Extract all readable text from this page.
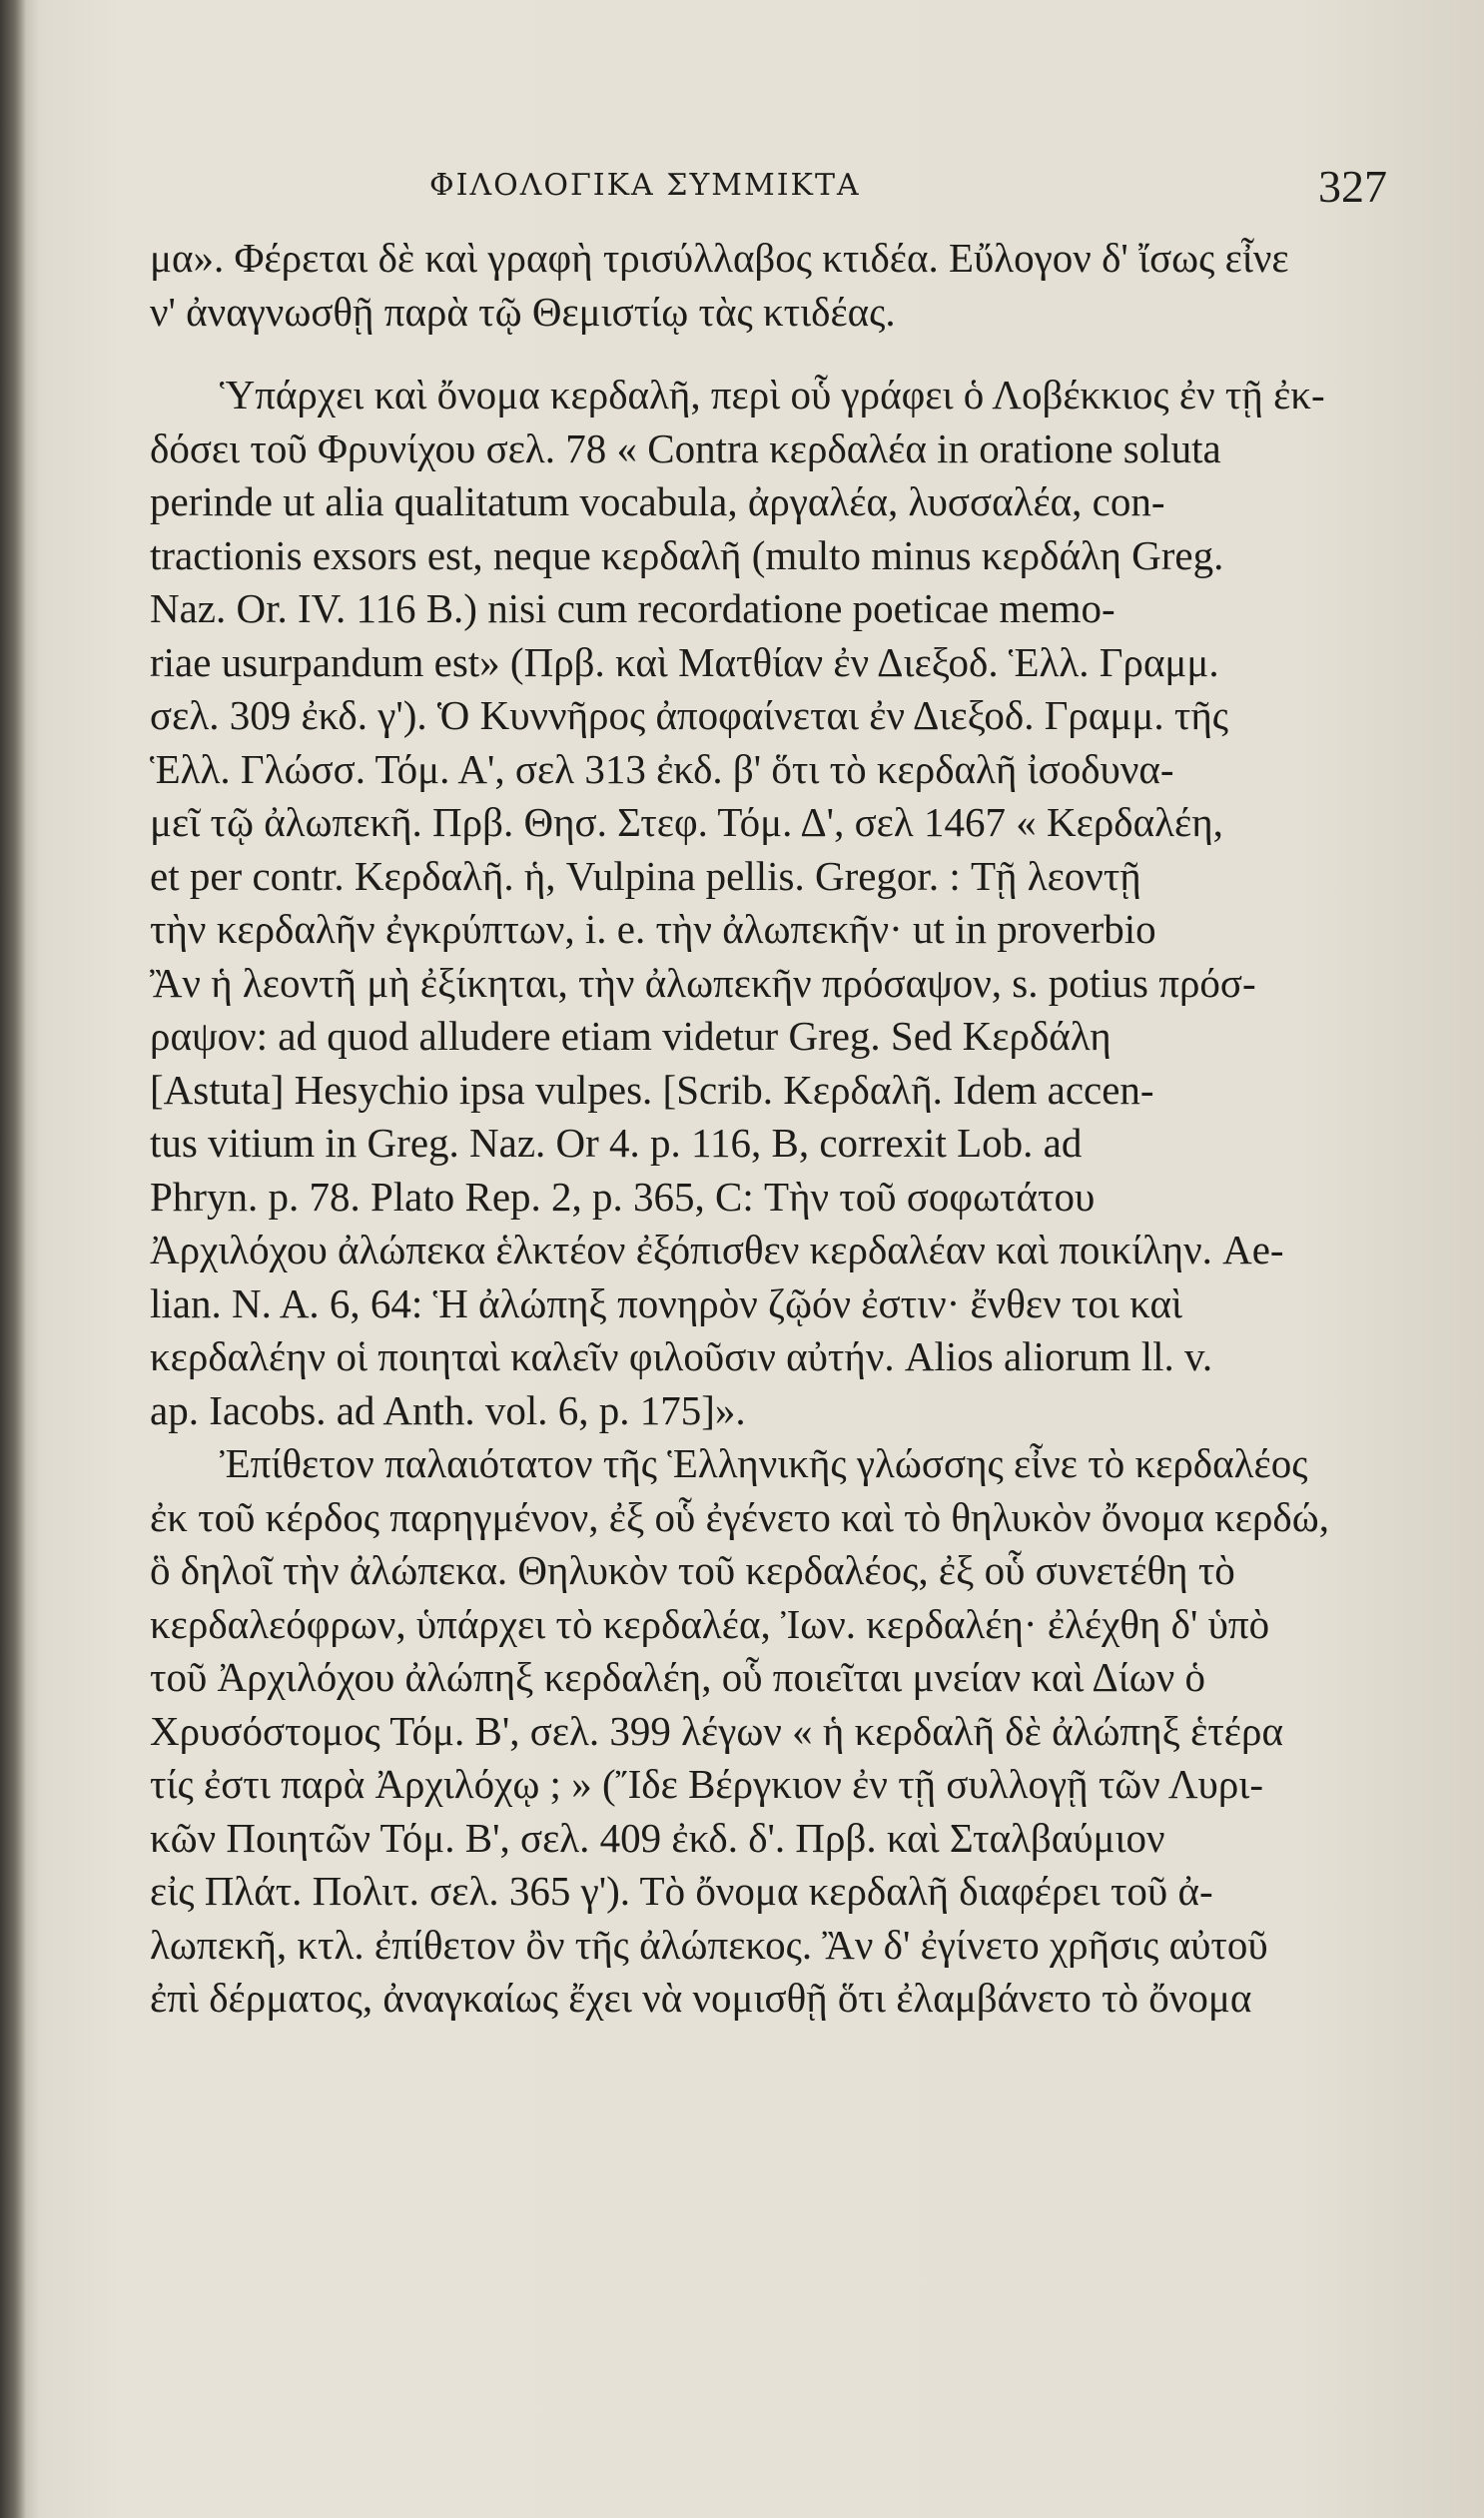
ΦΙΛΟΛΟΓΙΚΑ ΣΥΜΜΙΚΤΑ	327
μα». Φέρεται δὲ καὶ γραφὴ τρισύλλαβος κτιδέα. Εὔλογον δ' ἴσως εἶνε
ν' ἀναγνωσθῇ παρὰ τῷ Θεμιστίῳ τὰς κτιδέας.
Ὑπάρχει καὶ ὄνομα κερδαλῆ, περὶ οὗ γράφει ὁ Λοβέκκιος ἐν τῇ ἐκ-
δόσει τοῦ Φρυνίχου σελ. 78 « Contra κερδαλέα in oratione soluta
perinde ut alia qualitatum vocabula, ἀργαλέα, λυσσαλέα, con-
tractionis exsors est, neque κερδαλῆ (multo minus κερδάλη Greg.
Naz. Or. IV. 116 B.) nisi cum recordatione poeticae memo-
riae usurpandum est» (Πρβ. καὶ Ματθίαν ἐν Διεξοδ. Ἑλλ. Γραμμ.
σελ. 309 ἐκδ. γ'). Ὁ Κυννῆρος ἀποφαίνεται ἐν Διεξοδ. Γραμμ. τῆς
Ἑλλ. Γλώσσ. Τόμ. Α', σελ 313 ἐκδ. β' ὅτι τὸ κερδαλῆ ἰσοδυνα-
μεῖ τῷ ἀλωπεκῆ. Πρβ. Θησ. Στεφ. Τόμ. Δ', σελ 1467 « Κερδαλέη,
et per contr. Κερδαλῆ. ἡ, Vulpina pellis. Gregor. : Τῇ λεοντῇ
τὴν κερδαλῆν ἐγκρύπτων, i. e. τὴν ἀλωπεκῆν· ut in proverbio
Ἂν ἡ λεοντῆ μὴ ἐξίκηται, τὴν ἀλωπεκῆν πρόσαψον, s. potius πρόσ-
ραψον: ad quod alludere etiam videtur Greg. Sed Κερδάλη
[Astuta] Hesychio ipsa vulpes. [Scrib. Κερδαλῆ. Idem accen-
tus vitium in Greg. Naz. Or 4. p. 116, B, correxit Lob. ad
Phryn. p. 78. Plato Rep. 2, p. 365, C: Τὴν τοῦ σοφωτάτου
Ἀρχιλόχου ἀλώπεκα ἑλκτέον ἐξόπισθεν κερδαλέαν καὶ ποικίλην. Ae-
lian. N. A. 6, 64: Ἡ ἀλώπηξ πονηρὸν ζῷόν ἐστιν· ἔνθεν τοι καὶ
κερδαλέην οἱ ποιηταὶ καλεῖν φιλοῦσιν αὐτήν. Alios aliorum ll. v.
ap. Iacobs. ad Anth. vol. 6, p. 175]».
Ἐπίθετον παλαιότατον τῆς Ἑλληνικῆς γλώσσης εἶνε τὸ κερδαλέος
ἐκ τοῦ κέρδος παρηγμένον, ἐξ οὗ ἐγένετο καὶ τὸ θηλυκὸν ὄνομα κερδώ,
ὃ δηλοῖ τὴν ἀλώπεκα. Θηλυκὸν τοῦ κερδαλέος, ἐξ οὗ συνετέθη τὸ
κερδαλεόφρων, ὑπάρχει τὸ κερδαλέα, Ἰων. κερδαλέη· ἐλέχθη δ' ὑπὸ
τοῦ Ἀρχιλόχου ἀλώπηξ κερδαλέη, οὗ ποιεῖται μνείαν καὶ Δίων ὁ
Χρυσόστομος Τόμ. Β', σελ. 399 λέγων « ἡ κερδαλῆ δὲ ἀλώπηξ ἑτέρα
τίς ἐστι παρὰ Ἀρχιλόχῳ ; » (Ἴδε Βέργκιον ἐν τῇ συλλογῇ τῶν Λυρι-
κῶν Ποιητῶν Τόμ. Β', σελ. 409 ἐκδ. δ'. Πρβ. καὶ Σταλβαύμιον
εἰς Πλάτ. Πολιτ. σελ. 365 γ'). Τὸ ὄνομα κερδαλῆ διαφέρει τοῦ ἀ-
λωπεκῆ, κτλ. ἐπίθετον ὂν τῆς ἀλώπεκος. Ἂν δ' ἐγίνετο χρῆσις αὐτοῦ
ἐπὶ δέρματος, ἀναγκαίως ἔχει νὰ νομισθῇ ὅτι ἐλαμβάνετο τὸ ὄνομα
